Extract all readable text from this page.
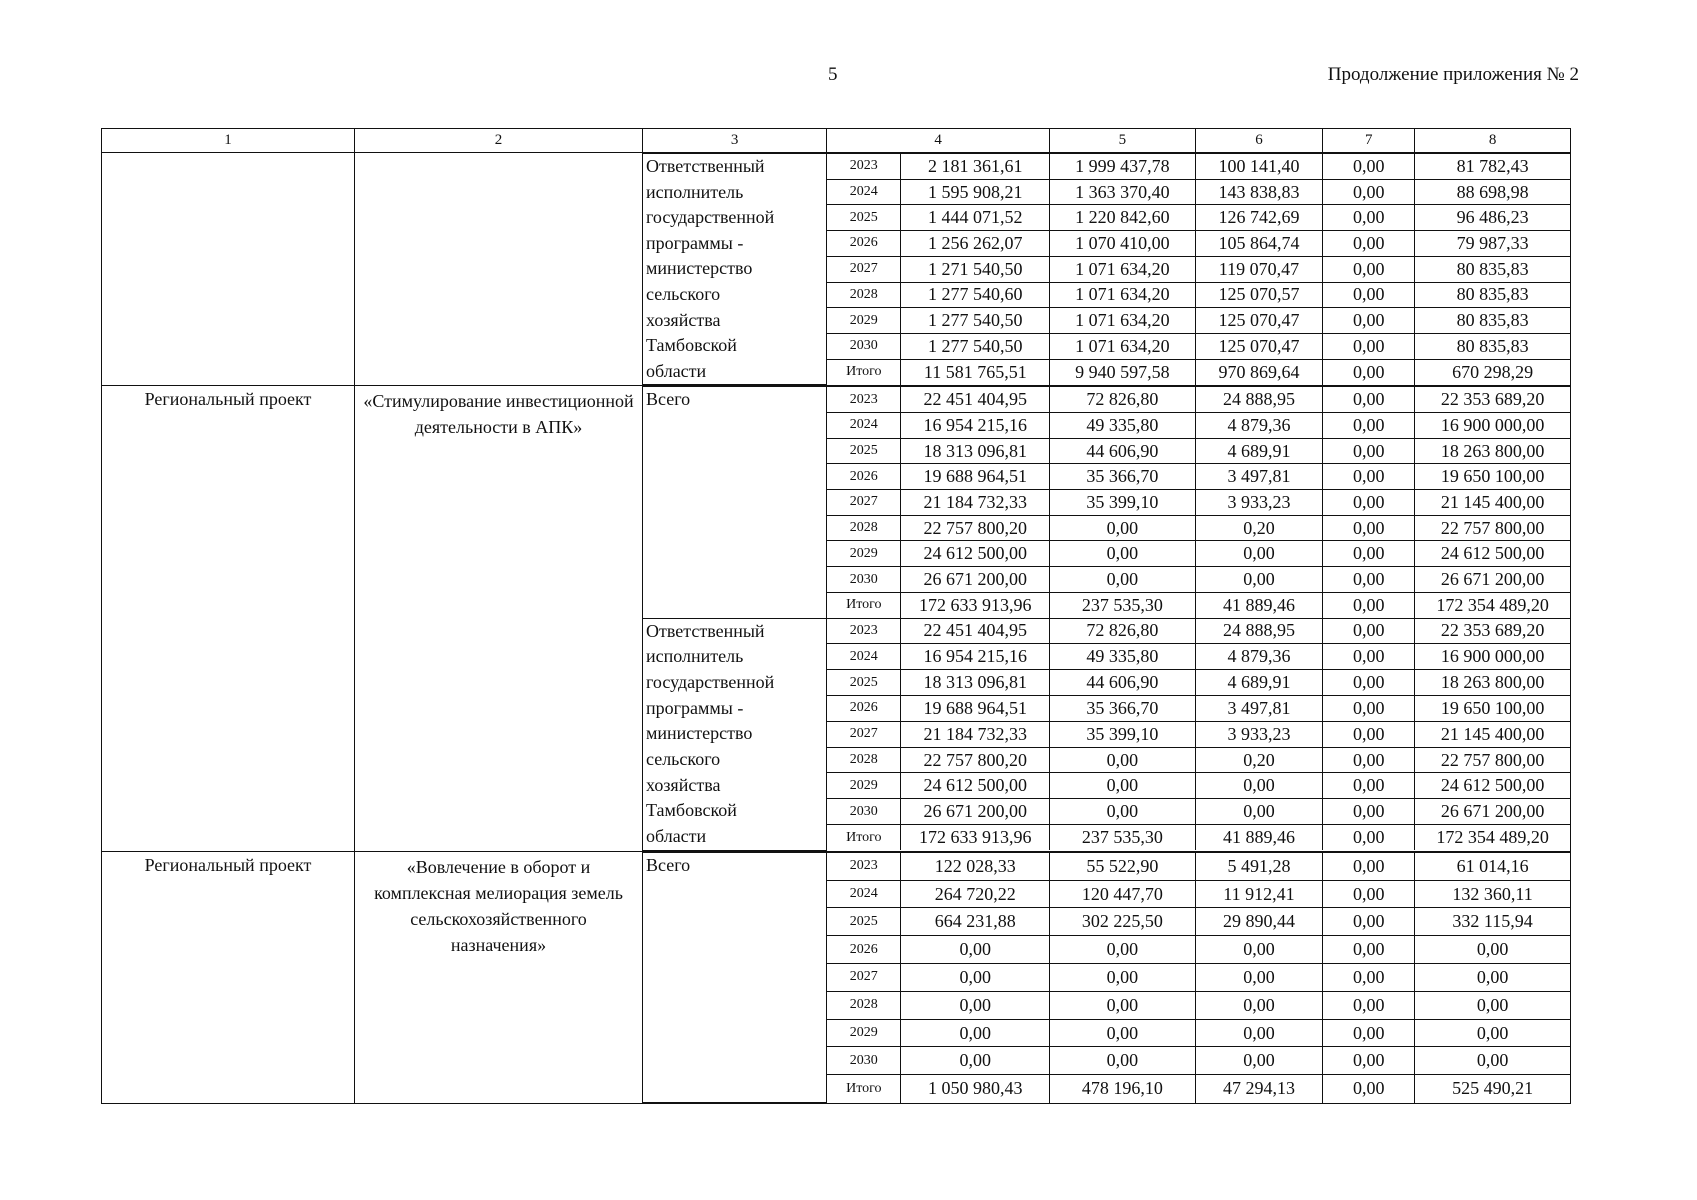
5	Продолжение приложения № 2
1	2		3	4	5	6	7	8

Ответственный
исполнитель
государственной
программы -
министерство
сельского
хозяйства
Тамбовской
области
	2023	2 181 361,61	1 999 437,78	100 141,40	0,00	81 782,43
2024	1 595 908,21	1 363 370,40	143 838,83	0,00	88 698,98
2025	1 444 071,52	1 220 842,60	126 742,69	0,00	96 486,23
2026	1 256 262,07	1 070 410,00	105 864,74	0,00	79 987,33
2027	1 271 540,50	1 071 634,20	119 070,47	0,00	80 835,83
2028	1 277 540,60	1 071 634,20	125 070,57	0,00	80 835,83
2029	1 277 540,50	1 071 634,20	125 070,47	0,00	80 835,83
2030	1 277 540,50	1 071 634,20	125 070,47	0,00	80 835,83
Итого	11 581 765,51	9 940 597,58	970 869,64	0,00	670 298,29

Региональный проект	«Стимулирование инвестиционной деятельности в АПК»	
Всего	2023	22 451 404,95	72 826,80	24 888,95	0,00	22 353 689,20
2024	16 954 215,16	49 335,80	4 879,36	0,00	16 900 000,00
2025	18 313 096,81	44 606,90	4 689,91	0,00	18 263 800,00
2026	19 688 964,51	35 366,70	3 497,81	0,00	19 650 100,00
2027	21 184 732,33	35 399,10	3 933,23	0,00	21 145 400,00
2028	22 757 800,20	0,00	0,20	0,00	22 757 800,00
2029	24 612 500,00	0,00	0,00	0,00	24 612 500,00
2030	26 671 200,00	0,00	0,00	0,00	26 671 200,00
Итого	172 633 913,96	237 535,30	41 889,46	0,00	172 354 489,20

Ответственный
исполнитель
государственной
программы -
министерство
сельского
хозяйства
Тамбовской
области
	2023	22 451 404,95	72 826,80	24 888,95	0,00	22 353 689,20
2024	16 954 215,16	49 335,80	4 879,36	0,00	16 900 000,00
2025	18 313 096,81	44 606,90	4 689,91	0,00	18 263 800,00
2026	19 688 964,51	35 366,70	3 497,81	0,00	19 650 100,00
2027	21 184 732,33	35 399,10	3 933,23	0,00	21 145 400,00
2028	22 757 800,20	0,00	0,20	0,00	22 757 800,00
2029	24 612 500,00	0,00	0,00	0,00	24 612 500,00
2030	26 671 200,00	0,00	0,00	0,00	26 671 200,00
Итого	172 633 913,96	237 535,30	41 889,46	0,00	172 354 489,20

Региональный проект	«Вовлечение в оборот и комплексная мелиорация земель сельскохозяйственного назначения»	
Всего	2023	122 028,33	55 522,90	5 491,28	0,00	61 014,16
2024	264 720,22	120 447,70	11 912,41	0,00	132 360,11
2025	664 231,88	302 225,50	29 890,44	0,00	332 115,94
2026	0,00	0,00	0,00	0,00	0,00
2027	0,00	0,00	0,00	0,00	0,00
2028	0,00	0,00	0,00	0,00	0,00
2029	0,00	0,00	0,00	0,00	0,00
2030	0,00	0,00	0,00	0,00	0,00
Итого	1 050 980,43	478 196,10	47 294,13	0,00	525 490,21
